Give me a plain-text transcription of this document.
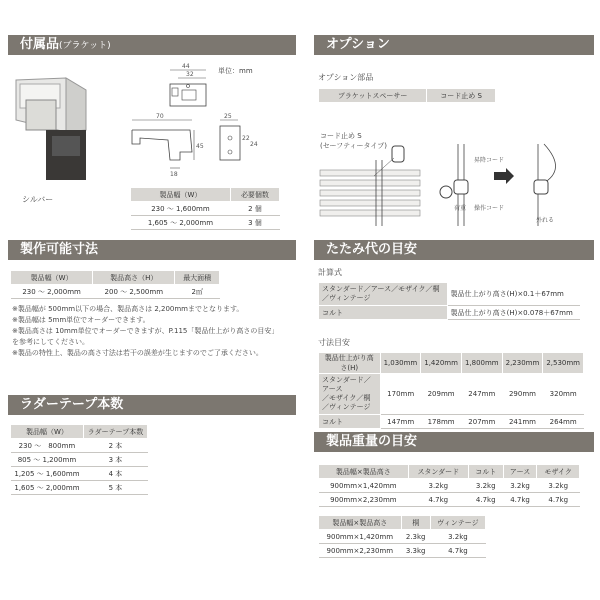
付属品(ブラケット)
シルバー
単位：mm
44
32
70
45
18
25
22
24
製品幅（W）	必要個数
230 〜 1,600mm	2 個
1,605 〜 2,000mm	3 個
製作可能寸法
製品幅（W）	製品高さ（H）	最大面積
230 〜 2,000mm	200 〜 2,500mm	2㎡
※製品幅が 500mm以下の場合、製品高さは 2,200mmまでとなります。
※製品幅は 5mm単位でオーダーできます。
※製品高さは 10mm単位でオーダーできますが、P.115「製品仕上がり高さの目安」
を参考にしてください。
※製品の特性上、製品の高さ寸法は若干の誤差が生じますのでご了承ください。
ラダーテープ本数
製品幅（W）	ラダーテープ本数
230 〜　800mm	2 本
805 〜 1,200mm	3 本
1,205 〜 1,600mm	4 本
1,605 〜 2,000mm	5 本
オプション
オプション部品
ブラケットスペーサー	コード止め S
コード止め S
(セーフティータイプ)
昇降コード
荷重 操作コード
外れる
たたみ代の目安
計算式
スタンダード／アース／モザイク／桐
／ヴィンテージ	製品仕上がり高さ(H)×0.1＋67mm
コルト	製品仕上がり高さ(H)×0.078＋67mm
寸法目安
製品仕上がり高さ(H)	1,030mm	1,420mm	1,800mm	2,230mm	2,530mm
スタンダード／アース
／モザイク／桐
／ヴィンテージ	170mm	209mm	247mm	290mm	320mm
コルト	147mm	178mm	207mm	241mm	264mm
製品重量の目安
製品幅×製品高さ	スタンダード	コルト	アース	モザイク
900mm×1,420mm	3.2kg	3.2kg	3.2kg	3.2kg
900mm×2,230mm	4.7kg	4.7kg	4.7kg	4.7kg
製品幅×製品高さ	桐	ヴィンテージ
900mm×1,420mm	2.3kg	3.2kg
900mm×2,230mm	3.3kg	4.7kg
